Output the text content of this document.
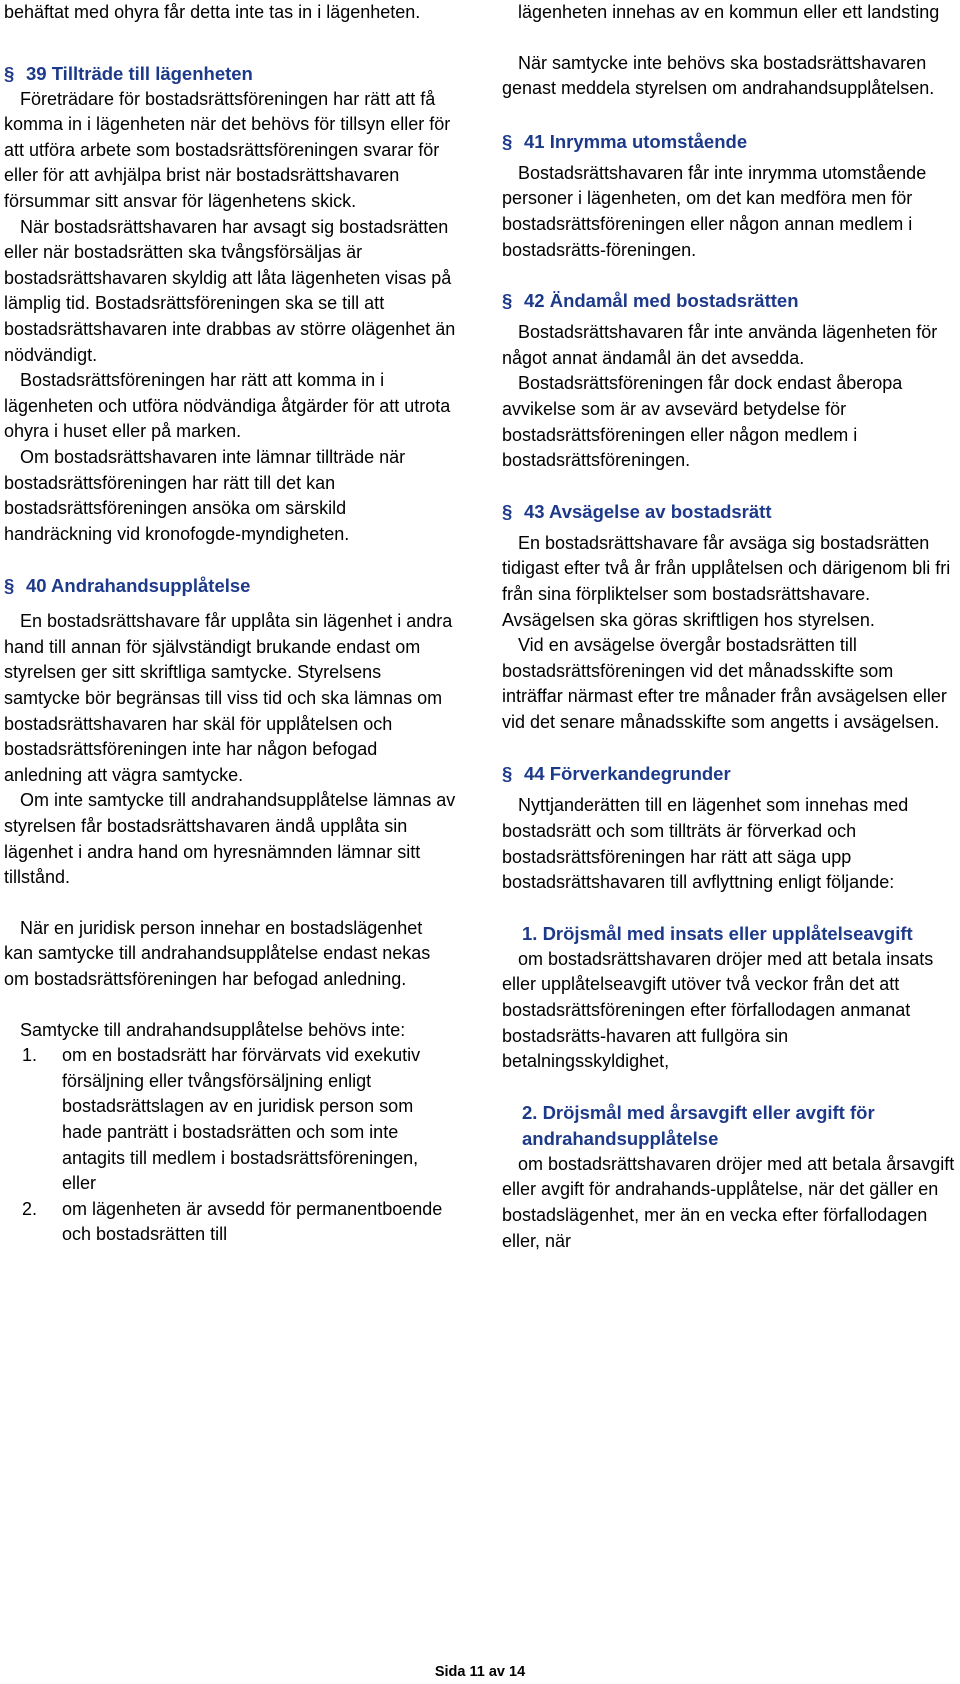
behäftat med ohyra får detta inte tas in i lägenheten.

§ 39 Tillträde till lägenheten

Företrädare för bostadsrättsföreningen har rätt att få komma in i lägenheten när det behövs för tillsyn eller för att utföra arbete som bostadsrättsföreningen svarar för eller för att avhjälpa brist när bostadsrättshavaren försummar sitt ansvar för lägenhetens skick.

När bostadsrättshavaren har avsagt sig bostadsrätten eller när bostadsrätten ska tvångsförsäljas är bostadsrättshavaren skyldig att låta lägenheten visas på lämplig tid. Bostadsrättsföreningen ska se till att bostadsrättshavaren inte drabbas av större olägenhet än nödvändigt.

Bostadsrättsföreningen har rätt att komma in i lägenheten och utföra nödvändiga åtgärder för att utrota ohyra i huset eller på marken.

Om bostadsrättshavaren inte lämnar tillträde när bostadsrättsföreningen har rätt till det kan bostadsrättsföreningen ansöka om särskild handräckning vid kronofogde-myndigheten.

§ 40 Andrahandsupplåtelse

En bostadsrättshavare får upplåta sin lägenhet i andra hand till annan för självständigt brukande endast om styrelsen ger sitt skriftliga samtycke. Styrelsens samtycke bör begränsas till viss tid och ska lämnas om bostadsrättshavaren har skäl för upplåtelsen och bostadsrättsföreningen inte har någon befogad anledning att vägra samtycke.

Om inte samtycke till andrahandsupplåtelse lämnas av styrelsen får bostadsrättshavaren ändå upplåta sin lägenhet i andra hand om hyresnämnden lämnar sitt tillstånd.

När en juridisk person innehar en bostadslägenhet kan samtycke till andrahandsupplåtelse endast nekas om bostadsrättsföreningen har befogad anledning.

Samtycke till andrahandsupplåtelse behövs inte:

1. om en bostadsrätt har förvärvats vid exekutiv försäljning eller tvångsförsäljning enligt bostadsrättslagen av en juridisk person som hade panträtt i bostadsrätten och som inte antagits till medlem i bostadsrättsföreningen, eller
2. om lägenheten är avsedd för permanentboende och bostadsrätten till

lägenheten innehas av en kommun eller ett landsting

När samtycke inte behövs ska bostadsrättshavaren genast meddela styrelsen om andrahandsupplåtelsen.

§ 41 Inrymma utomstående

Bostadsrättshavaren får inte inrymma utomstående personer i lägenheten, om det kan medföra men för bostadsrättsföreningen eller någon annan medlem i bostadsrätts-föreningen.

§ 42 Ändamål med bostadsrätten

Bostadsrättshavaren får inte använda lägenheten för något annat ändamål än det avsedda.

Bostadsrättsföreningen får dock endast åberopa avvikelse som är av avsevärd betydelse för bostadsrättsföreningen eller någon medlem i bostadsrättsföreningen.

§ 43 Avsägelse av bostadsrätt

En bostadsrättshavare får avsäga sig bostadsrätten tidigast efter två år från upplåtelsen och därigenom bli fri från sina förpliktelser som bostadsrättshavare. Avsägelsen ska göras skriftligen hos styrelsen.

Vid en avsägelse övergår bostadsrätten till bostadsrättsföreningen vid det månadsskifte som inträffar närmast efter tre månader från avsägelsen eller vid det senare månadsskifte som angetts i avsägelsen.

§ 44 Förverkandegrunder

Nyttjanderätten till en lägenhet som innehas med bostadsrätt och som tillträts är förverkad och bostadsrättsföreningen har rätt att säga upp bostadsrättshavaren till avflyttning enligt följande:

1. Dröjsmål med insats eller upplåtelseavgift

om bostadsrättshavaren dröjer med att betala insats eller upplåtelseavgift utöver två veckor från det att bostadsrättsföreningen efter förfallodagen anmanat bostadsrätts-havaren att fullgöra sin betalningsskyldighet,

2. Dröjsmål med årsavgift eller avgift för andrahandsupplåtelse

om bostadsrättshavaren dröjer med att betala årsavgift eller avgift för andrahands-upplåtelse, när det gäller en bostadslägenhet, mer än en vecka efter förfallodagen eller, när

Sida 11 av 14
